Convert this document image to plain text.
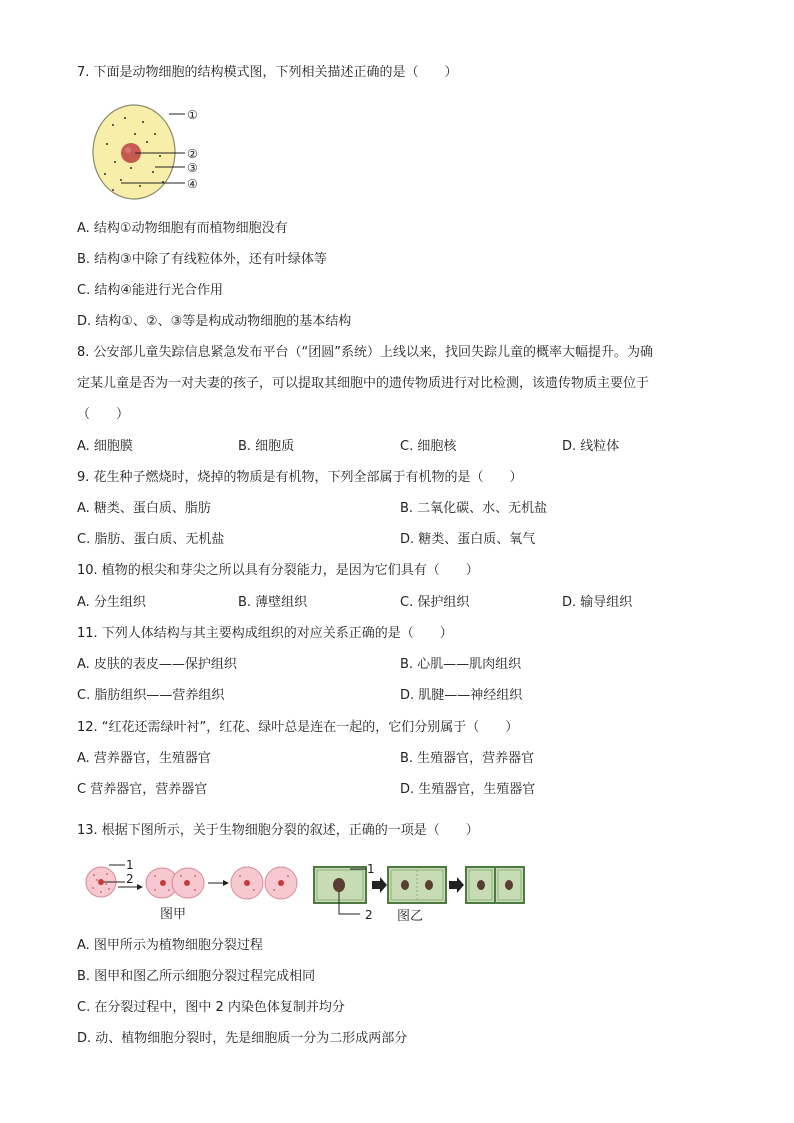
7. 下面是动物细胞的结构模式图，下列相关描述正确的是（　　）
①
②
③
④
A. 结构①动物细胞有而植物细胞没有
B. 结构③中除了有线粒体外，还有叶绿体等
C. 结构④能进行光合作用
D. 结构①、②、③等是构成动物细胞的基本结构
8. 公安部儿童失踪信息紧急发布平台（“团圆”系统）上线以来，找回失踪儿童的概率大幅提升。为确
定某儿童是否为一对夫妻的孩子，可以提取其细胞中的遗传物质进行对比检测，该遗传物质主要位于
（　　）
A. 细胞膜	B. 细胞质	C. 细胞核	D. 线粒体
9. 花生种子燃烧时，烧掉的物质是有机物，下列全部属于有机物的是（　　）
A. 糖类、蛋白质、脂肪	B. 二氧化碳、水、无机盐
C. 脂肪、蛋白质、无机盐	D. 糖类、蛋白质、氧气
10. 植物的根尖和芽尖之所以具有分裂能力，是因为它们具有（　　）
A. 分生组织	B. 薄壁组织	C. 保护组织	D. 输导组织
11. 下列人体结构与其主要构成组织的对应关系正确的是（　　）
A. 皮肤的表皮——保护组织	B. 心肌——肌肉组织
C. 脂肪组织——营养组织	D. 肌腱——神经组织
12. “红花还需绿叶衬”，红花、绿叶总是连在一起的，它们分别属于（　　）
A. 营养器官，生殖器官	B. 生殖器官，营养器官
C 营养器官，营养器官	D. 生殖器官，生殖器官
13. 根据下图所示，关于生物细胞分裂的叙述，正确的一项是（　　）
1
2
图甲
1
2 图乙
A. 图甲所示为植物细胞分裂过程
B. 图甲和图乙所示细胞分裂过程完成相同
C. 在分裂过程中，图中 2 内染色体复制并均分
D. 动、植物细胞分裂时，先是细胞质一分为二形成两部分
